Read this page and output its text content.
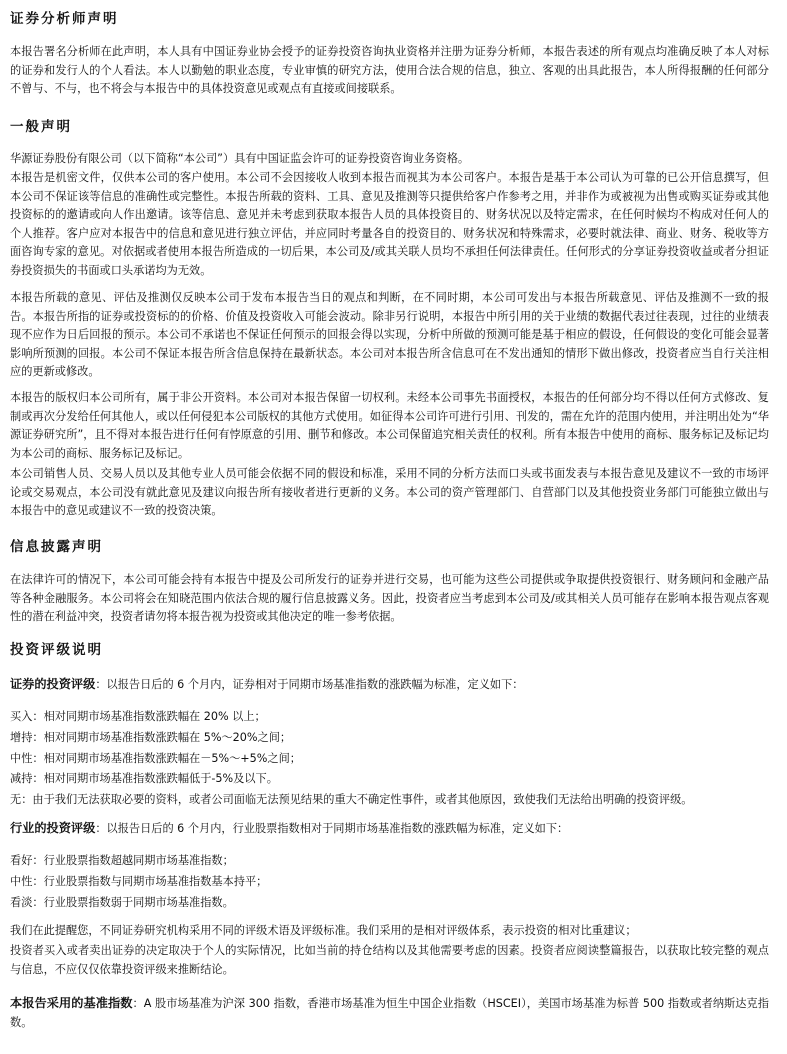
证券分析师声明

本报告署名分析师在此声明，本人具有中国证券业协会授予的证券投资咨询执业资格并注册为证券分析师，本报告表述的所有观点均准确反映了本人对标的证券和发行人的个人看法。本人以勤勉的职业态度，专业审慎的研究方法，使用合法合规的信息，独立、客观的出具此报告，本人所得报酬的任何部分不曾与、不与，也不将会与本报告中的具体投资意见或观点有直接或间接联系。

一般声明

华源证券股份有限公司（以下简称“本公司”）具有中国证监会许可的证券投资咨询业务资格。

本报告是机密文件，仅供本公司的客户使用。本公司不会因接收人收到本报告而视其为本公司客户。本报告是基于本公司认为可靠的已公开信息撰写，但本公司不保证该等信息的准确性或完整性。本报告所载的资料、工具、意见及推测等只提供给客户作参考之用，并非作为或被视为出售或购买证券或其他投资标的的邀请或向人作出邀请。该等信息、意见并未考虑到获取本报告人员的具体投资目的、财务状况以及特定需求，在任何时候均不构成对任何人的个人推荐。客户应对本报告中的信息和意见进行独立评估，并应同时考量各自的投资目的、财务状况和特殊需求，必要时就法律、商业、财务、税收等方面咨询专家的意见。对依据或者使用本报告所造成的一切后果，本公司及/或其关联人员均不承担任何法律责任。任何形式的分享证券投资收益或者分担证券投资损失的书面或口头承诺均为无效。

本报告所载的意见、评估及推测仅反映本公司于发布本报告当日的观点和判断，在不同时期，本公司可发出与本报告所载意见、评估及推测不一致的报告。本报告所指的证券或投资标的的价格、价值及投资收入可能会波动。除非另行说明，本报告中所引用的关于业绩的数据代表过往表现，过往的业绩表现不应作为日后回报的预示。本公司不承诺也不保证任何预示的回报会得以实现，分析中所做的预测可能是基于相应的假设，任何假设的变化可能会显著影响所预测的回报。本公司不保证本报告所含信息保持在最新状态。本公司对本报告所含信息可在不发出通知的情形下做出修改，投资者应当自行关注相应的更新或修改。

本报告的版权归本公司所有，属于非公开资料。本公司对本报告保留一切权利。未经本公司事先书面授权，本报告的任何部分均不得以任何方式修改、复制或再次分发给任何其他人，或以任何侵犯本公司版权的其他方式使用。如征得本公司许可进行引用、刊发的，需在允许的范围内使用，并注明出处为“华源证券研究所”，且不得对本报告进行任何有悖原意的引用、删节和修改。本公司保留追究相关责任的权利。所有本报告中使用的商标、服务标记及标记均为本公司的商标、服务标记及标记。

本公司销售人员、交易人员以及其他专业人员可能会依据不同的假设和标准，采用不同的分析方法而口头或书面发表与本报告意见及建议不一致的市场评论或交易观点，本公司没有就此意见及建议向报告所有接收者进行更新的义务。本公司的资产管理部门、自营部门以及其他投资业务部门可能独立做出与本报告中的意见或建议不一致的投资决策。

信息披露声明

在法律许可的情况下，本公司可能会持有本报告中提及公司所发行的证券并进行交易，也可能为这些公司提供或争取提供投资银行、财务顾问和金融产品等各种金融服务。本公司将会在知晓范围内依法合规的履行信息披露义务。因此，投资者应当考虑到本公司及/或其相关人员可能存在影响本报告观点客观性的潜在利益冲突，投资者请勿将本报告视为投资或其他决定的唯一参考依据。

投资评级说明

证券的投资评级：以报告日后的 6 个月内，证券相对于同期市场基准指数的涨跌幅为标准，定义如下：

买入：相对同期市场基准指数涨跌幅在 20% 以上；

增持：相对同期市场基准指数涨跌幅在 5%～20%之间；

中性：相对同期市场基准指数涨跌幅在－5%～+5%之间；

减持：相对同期市场基准指数涨跌幅低于-5%及以下。

无：由于我们无法获取必要的资料，或者公司面临无法预见结果的重大不确定性事件，或者其他原因，致使我们无法给出明确的投资评级。

行业的投资评级：以报告日后的 6 个月内，行业股票指数相对于同期市场基准指数的涨跌幅为标准，定义如下：

看好：行业股票指数超越同期市场基准指数；

中性：行业股票指数与同期市场基准指数基本持平；

看淡：行业股票指数弱于同期市场基准指数。

我们在此提醒您，不同证券研究机构采用不同的评级术语及评级标准。我们采用的是相对评级体系，表示投资的相对比重建议；

投资者买入或者卖出证券的决定取决于个人的实际情况，比如当前的持仓结构以及其他需要考虑的因素。投资者应阅读整篇报告，以获取比较完整的观点与信息，不应仅仅依靠投资评级来推断结论。

本报告采用的基准指数：A 股市场基准为沪深 300 指数，香港市场基准为恒生中国企业指数（HSCEI），美国市场基准为标普 500 指数或者纳斯达克指数。
